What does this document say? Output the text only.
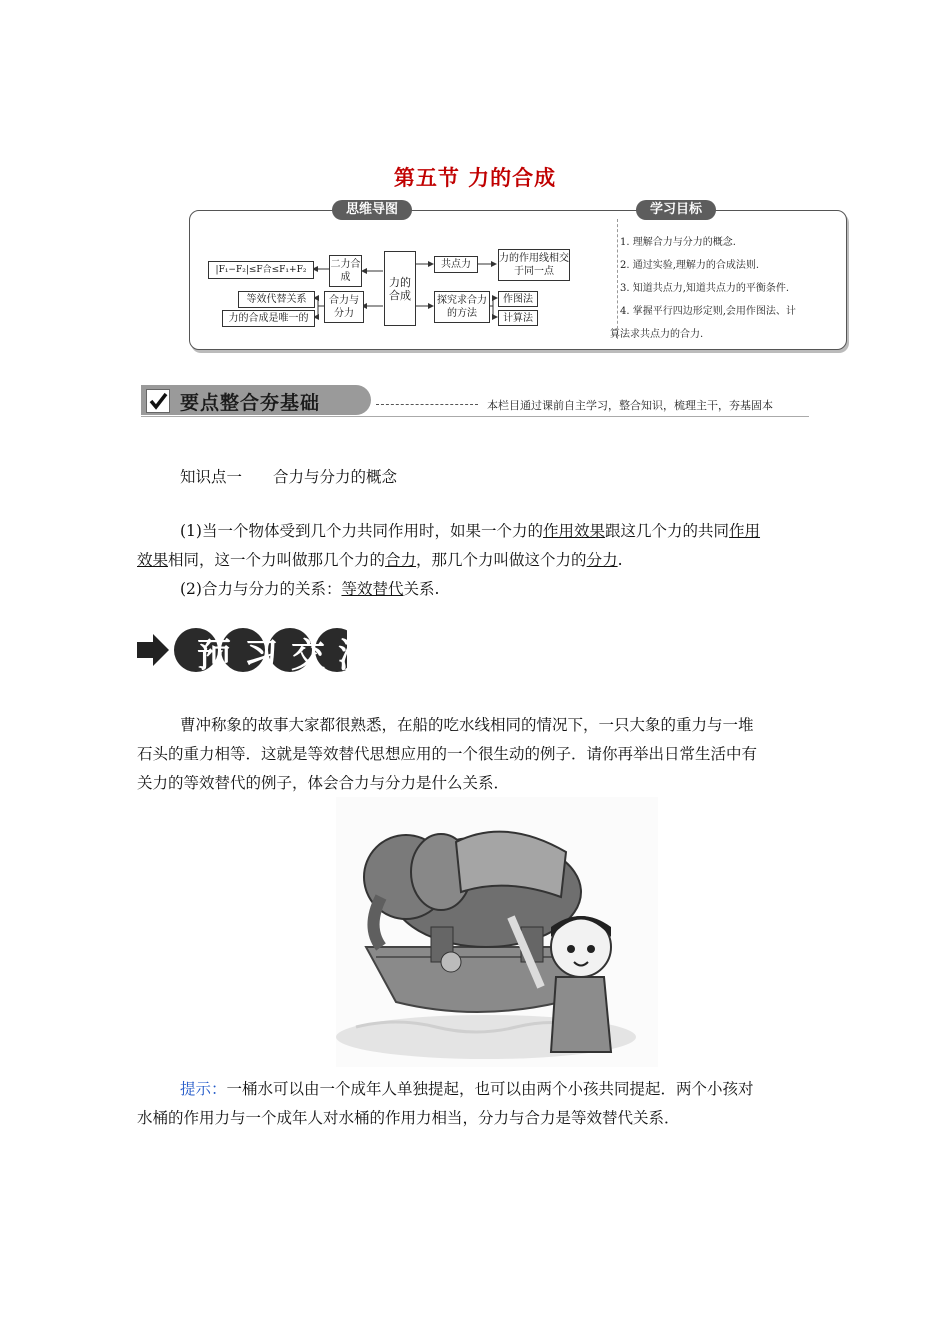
第五节 力的合成
思维导图	学习目标
力的合成
|F₁−F₂|≤F合≤F₁+F₂	二力合成
等效代替关系
力的合成是唯一的
合力与分力
共点力
力的作用线相交于同一点
探究求合力的方法
作图法
计算法
1. 理解合力与分力的概念.
2. 通过实验,理解力的合成法则.
3. 知道共点力,知道共点力的平衡条件.
4. 掌握平行四边形定则,会用作图法、计
算法求共点力的合力.
要点整合夯基础	本栏目通过课前自主学习，整合知识，梳理主干，夯基固本
知识点一　　合力与分力的概念
(1)当一个物体受到几个力共同作用时，如果一个力的作用效果跟这几个力的共同作用
效果相同，这一个力叫做那几个力的合力，那几个力叫做这个力的分力.
(2)合力与分力的关系：等效替代关系.
预习交流
曹冲称象的故事大家都很熟悉，在船的吃水线相同的情况下，一只大象的重力与一堆
石头的重力相等．这就是等效替代思想应用的一个很生动的例子．请你再举出日常生活中有
关力的等效替代的例子，体会合力与分力是什么关系．
提示：一桶水可以由一个成年人单独提起，也可以由两个小孩共同提起．两个小孩对
水桶的作用力与一个成年人对水桶的作用力相当，分力与合力是等效替代关系．
